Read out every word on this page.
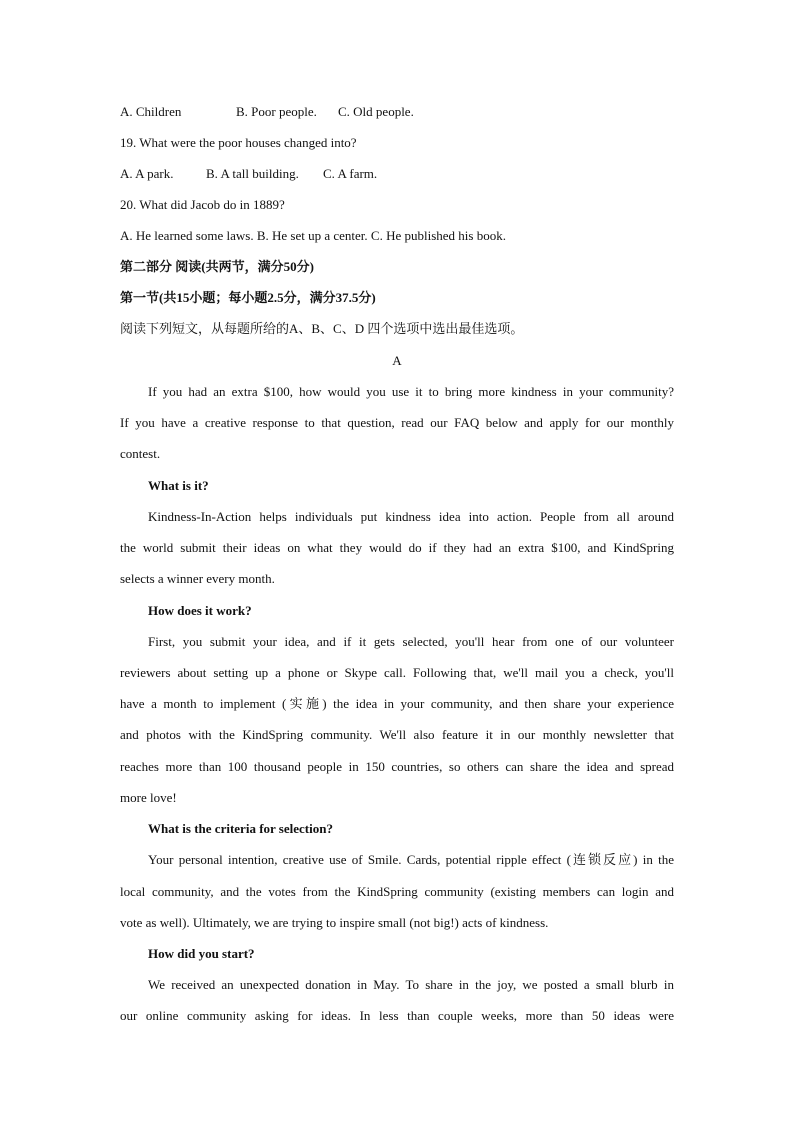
A. Children	B. Poor people. C. Old people.
19. What were the poor houses changed into?
A. A park.	B. A tall building. C. A farm.
20. What did Jacob do in 1889?
A. He learned some laws. B. He set up a center. C. He published his book.
第二部分 阅读(共两节，满分50分)
第一节(共15小题；每小题2.5分，满分37.5分)
阅读下列短文，从每题所给的A、B、C、D 四个选项中选出最佳选项。
A
If you had an extra $100, how would you use it to bring more kindness in your community?
If you have a creative response to that question, read our FAQ below and apply for our monthly
contest.
What is it?
Kindness-In-Action helps individuals put kindness idea into action. People from all around
the world submit their ideas on what they would do if they had an extra $100, and KindSpring
selects a winner every month.
How does it work?
First, you submit your idea, and if it gets selected, you'll hear from one of our volunteer
reviewers about setting up a phone or Skype call. Following that, we'll mail you a check, you'll
have a month to implement (实施) the idea in your community, and then share your experience
and photos with the KindSpring community. We'll also feature it in our monthly newsletter that
reaches more than 100 thousand people in 150 countries, so others can share the idea and spread
more love!
What is the criteria for selection?
Your personal intention, creative use of Smile. Cards, potential ripple effect (连锁反应) in the
local community, and the votes from the KindSpring community (existing members can login and
vote as well). Ultimately, we are trying to inspire small (not big!) acts of kindness.
How did you start?
We received an unexpected donation in May. To share in the joy, we posted a small blurb in
our online community asking for ideas. In less than couple weeks, more than 50 ideas were
